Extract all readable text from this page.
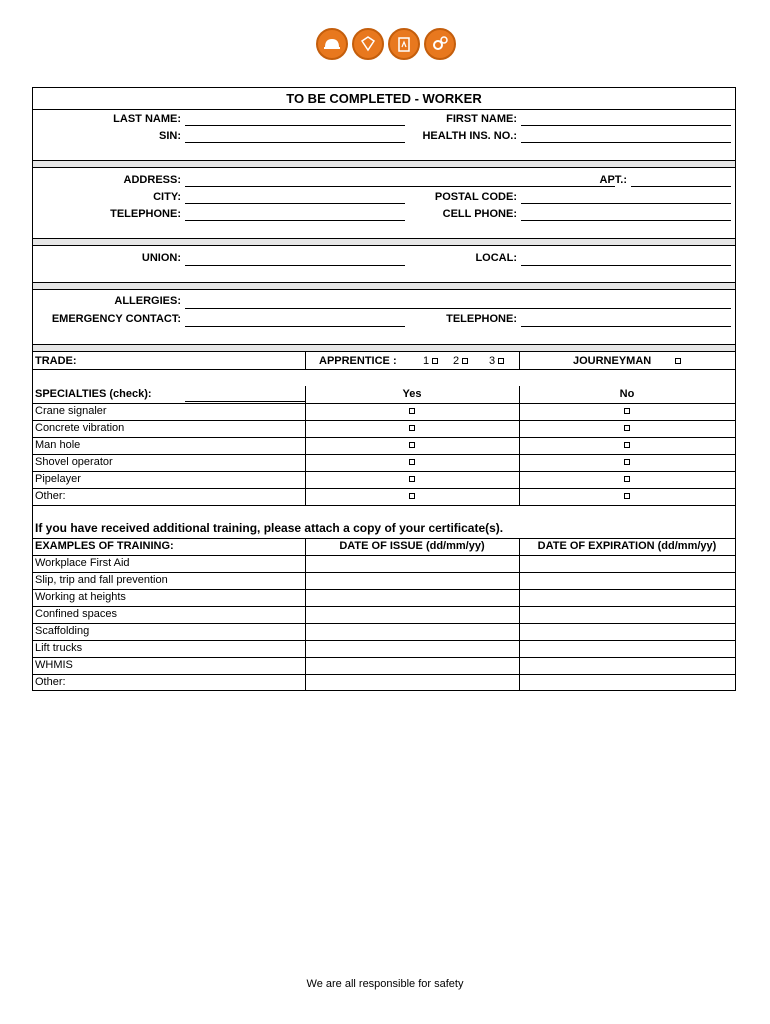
TO BE COMPLETED - WORKER
LAST NAME:	FIRST NAME:
SIN:	HEALTH INS. NO.:
ADDRESS:	APT.:
CITY:	POSTAL CODE:
TELEPHONE:	CELL PHONE:
UNION:	LOCAL:
ALLERGIES:
EMERGENCY CONTACT:	TELEPHONE:
TRADE:	APPRENTICE : 1	2	3	JOURNEYMAN
SPECIALTIES (check):	Yes	No
Crane signaler
Concrete vibration
Man hole
Shovel operator
Pipelayer
Other:
If you have received additional training, please attach a copy of your certificate(s).
EXAMPLES OF TRAINING:	DATE OF ISSUE (dd/mm/yy)	DATE OF EXPIRATION (dd/mm/yy)
Workplace First Aid
Slip, trip and fall prevention
Working at heights
Confined spaces
Scaffolding
Lift trucks
WHMIS
Other:
We are all responsible for safety
